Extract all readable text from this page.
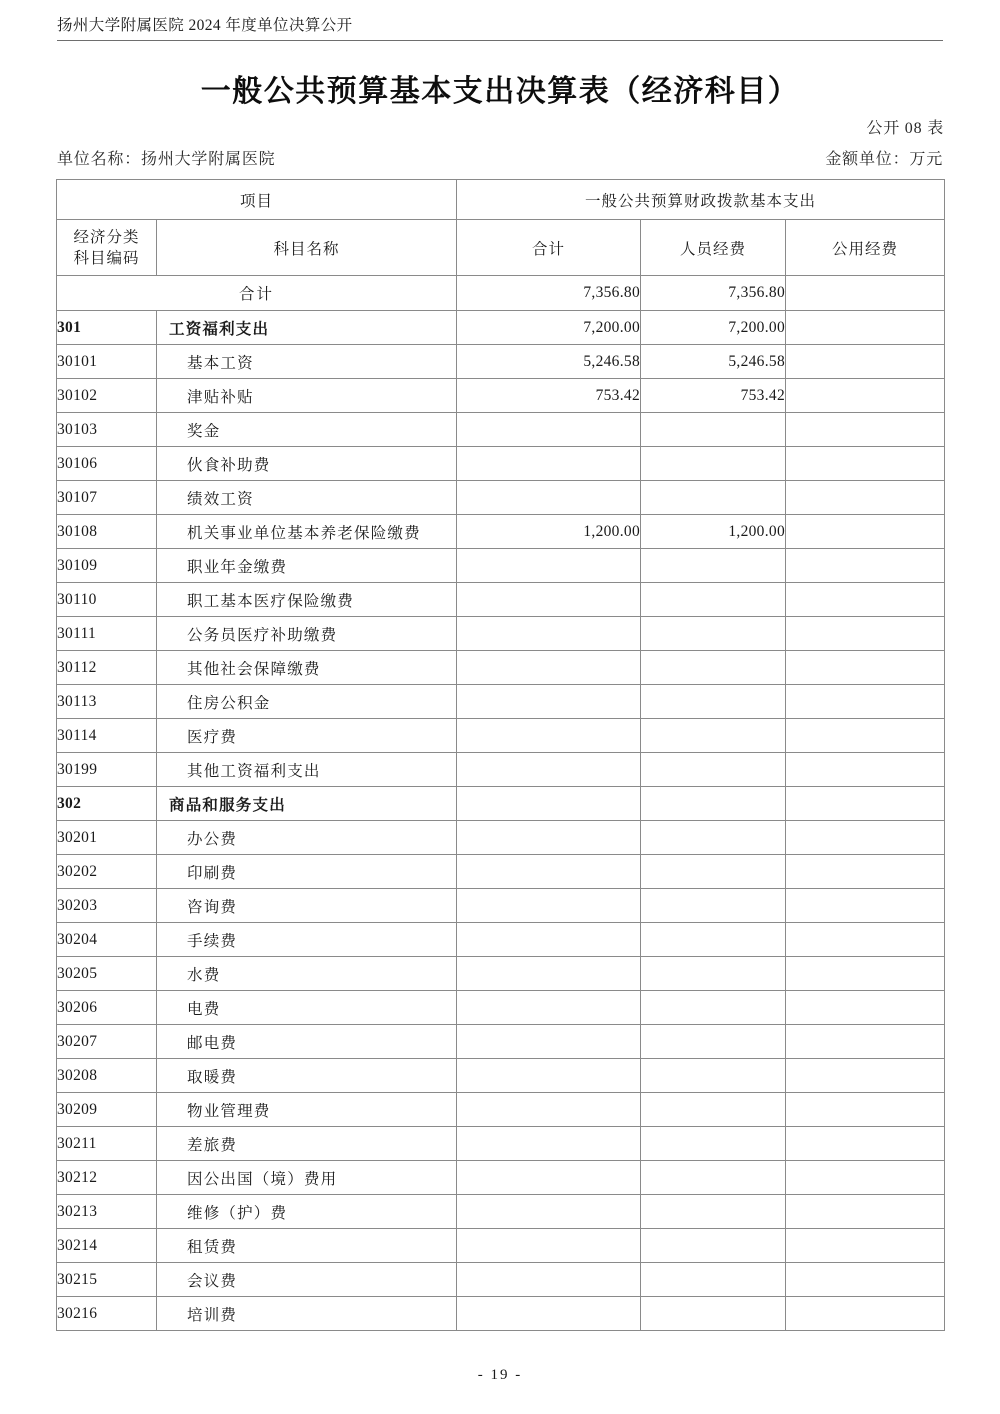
扬州大学附属医院 2024 年度单位决算公开
一般公共预算基本支出决算表（经济科目）
公开 08 表
单位名称：扬州大学附属医院	金额单位：万元
项目		一般公共预算财政拨款基本支出		

经济分类
科目编码	科目名称	合计	人员经费	公用经费
合计		7,356.80	7,356.80	
301	工资福利支出	7,200.00	7,200.00	
30101	基本工资	5,246.58	5,246.58	
30102	津贴补贴	753.42	753.42	
30103	奖金			
30106	伙食补助费			
30107	绩效工资			
30108	机关事业单位基本养老保险缴费	1,200.00	1,200.00	
30109	职业年金缴费			
30110	职工基本医疗保险缴费			
30111	公务员医疗补助缴费			
30112	其他社会保障缴费			
30113	住房公积金			
30114	医疗费			
30199	其他工资福利支出			
302	商品和服务支出			
30201	办公费			
30202	印刷费			
30203	咨询费			
30204	手续费			
30205	水费			
30206	电费			
30207	邮电费			
30208	取暖费			
30209	物业管理费			
30211	差旅费			
30212	因公出国（境）费用			
30213	维修（护）费			
30214	租赁费			
30215	会议费			
30216	培训费			
- 19 -
